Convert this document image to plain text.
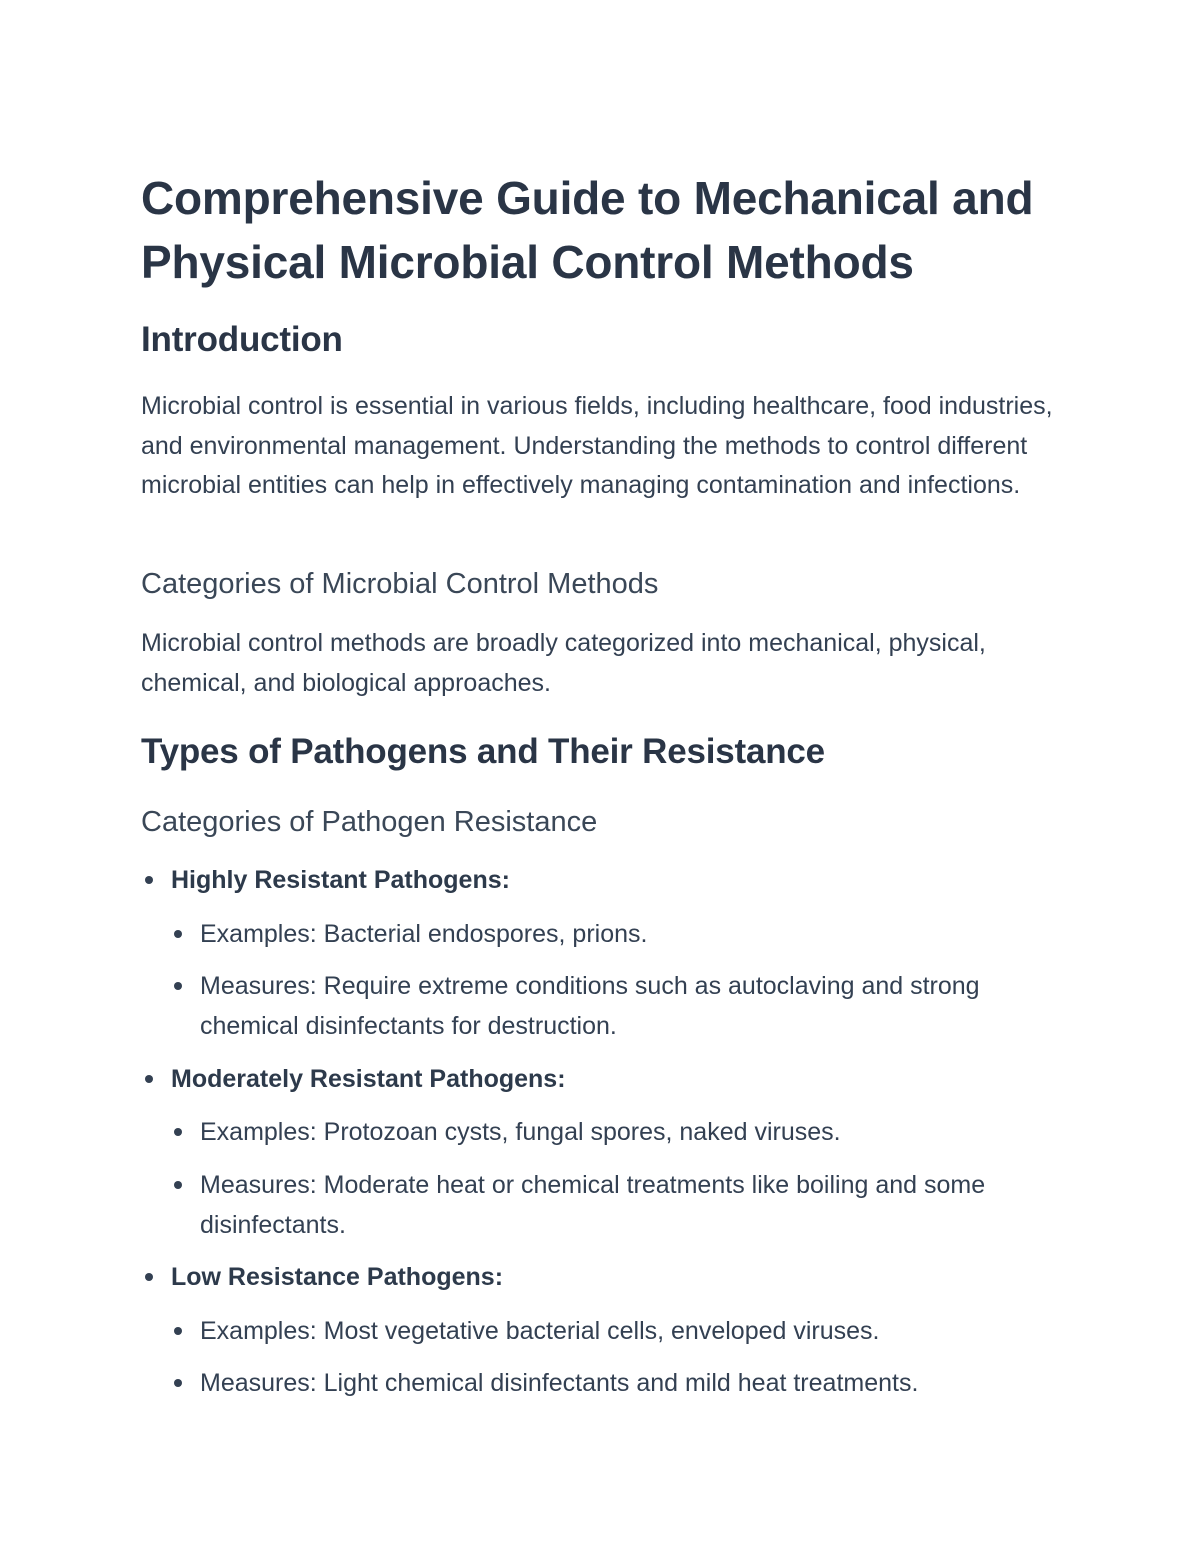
Comprehensive Guide to Mechanical and Physical Microbial Control Methods
Introduction

Microbial control is essential in various fields, including healthcare, food industries, and environmental management. Understanding the methods to control different microbial entities can help in effectively managing contamination and infections.

Categories of Microbial Control Methods

Microbial control methods are broadly categorized into mechanical, physical, chemical, and biological approaches.

Types of Pathogens and Their Resistance
Categories of Pathogen Resistance
Highly Resistant Pathogens:
Examples: Bacterial endospores, prions.
Measures: Require extreme conditions such as autoclaving and strong chemical disinfectants for destruction.
Moderately Resistant Pathogens:
Examples: Protozoan cysts, fungal spores, naked viruses.
Measures: Moderate heat or chemical treatments like boiling and some disinfectants.
Low Resistance Pathogens:
Examples: Most vegetative bacterial cells, enveloped viruses.
Measures: Light chemical disinfectants and mild heat treatments.
